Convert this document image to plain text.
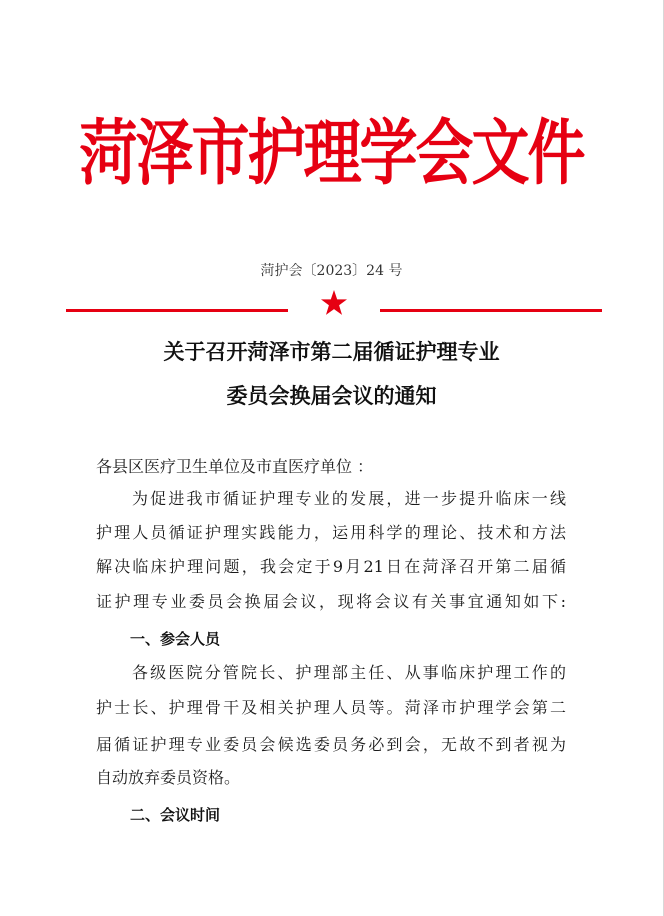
菏泽市护理学会文件
菏护会〔2023〕24 号
关于召开菏泽市第二届循证护理专业
委员会换届会议的通知
各县区医疗卫生单位及市直医疗单位 ：
为促进我市循证护理专业的发展，进一步提升临床一线
护理人员循证护理实践能力，运用科学的理论、技术和方法
解决临床护理问题，我会定于9月21日在菏泽召开第二届循
证护理专业委员会换届会议，现将会议有关事宜通知如下:
一、参会人员
各级医院分管院长、护理部主任、从事临床护理工作的
护士长、护理骨干及相关护理人员等。菏泽市护理学会第二
届循证护理专业委员会候选委员务必到会，无故不到者视为
自动放弃委员资格。
二、会议时间
